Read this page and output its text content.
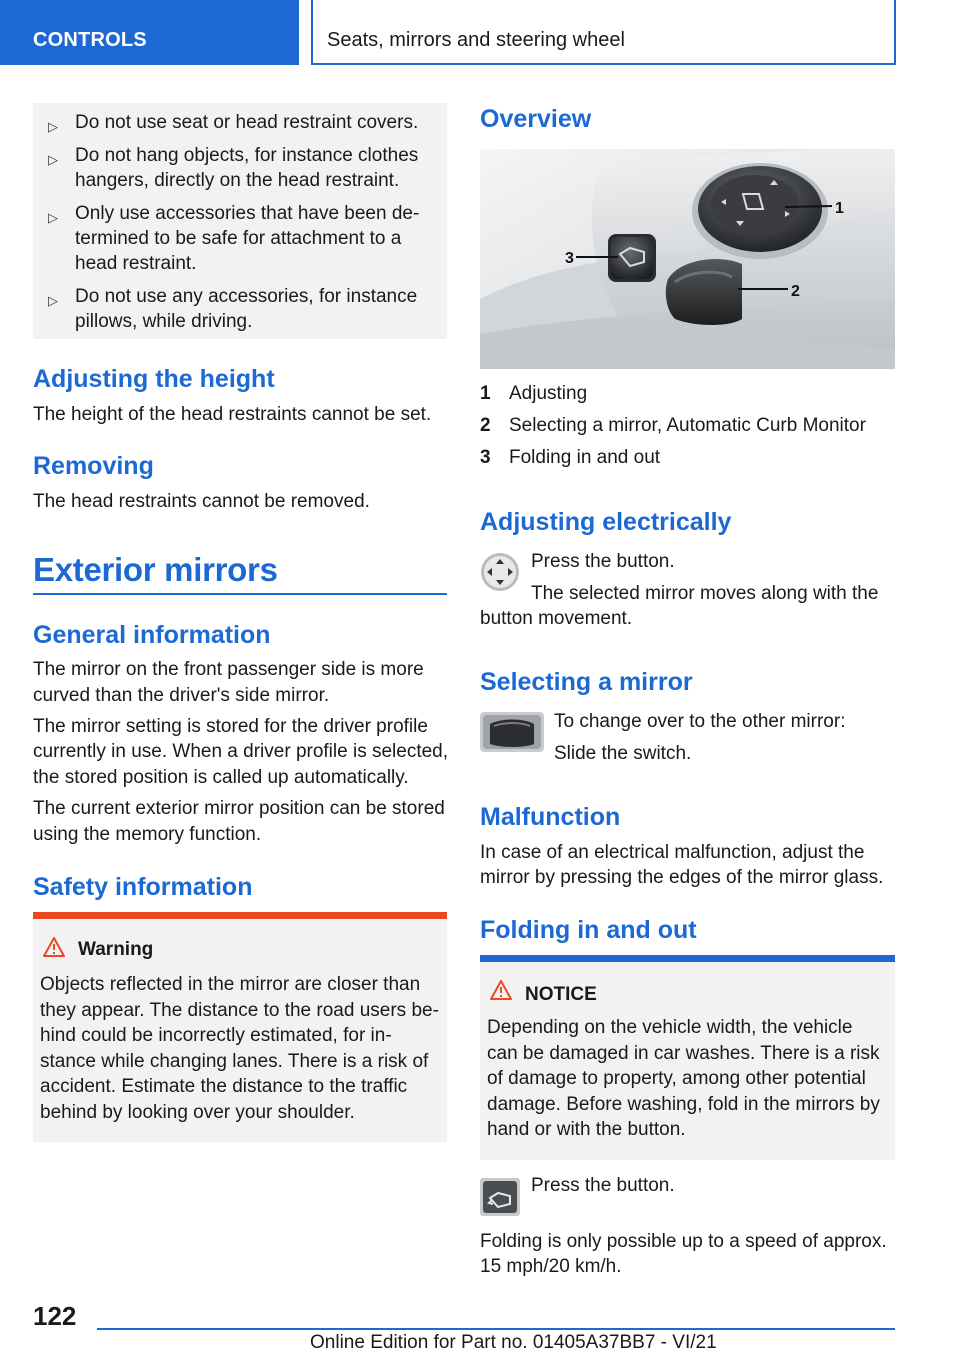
CONTROLS	Seats, mirrors and steering wheel
▷ Do not use seat or head restraint covers.
▷ Do not hang objects, for instance clothes
hangers, directly on the head restraint.
▷ Only use accessories that have been de-
termined to be safe for attachment to a
head restraint.
▷ Do not use any accessories, for instance
pillows, while driving.
Adjusting the height

The height of the head restraints cannot be set.

Removing

The head restraints cannot be removed.

Exterior mirrors
General information

The mirror on the front passenger side is more

curved than the driver's side mirror.

The mirror setting is stored for the driver profile

currently in use. When a driver profile is selected,

the stored position is called up automatically.

The current exterior mirror position can be stored

using the memory function.

Safety information
Warning

Objects reflected in the mirror are closer than

they appear. The distance to the road users be-

hind could be incorrectly estimated, for in-

stance while changing lanes. There is a risk of

accident. Estimate the distance to the traffic

behind by looking over your shoulder.

Overview
1
3
2
1 Adjusting
2 Selecting a mirror, Automatic Curb Monitor
3 Folding in and out
Adjusting electrically

Press the button.

The selected mirror moves along with the

button movement.

Selecting a mirror

To change over to the other mirror:

Slide the switch.

Malfunction

In case of an electrical malfunction, adjust the

mirror by pressing the edges of the mirror glass.

Folding in and out
NOTICE

Depending on the vehicle width, the vehicle

can be damaged in car washes. There is a risk

of damage to property, among other potential

damage. Before washing, fold in the mirrors by

hand or with the button.

Press the button.

Folding is only possible up to a speed of approx.

15 mph/20 km/h.

122
Online Edition for Part no. 01405A37BB7 - VI/21
